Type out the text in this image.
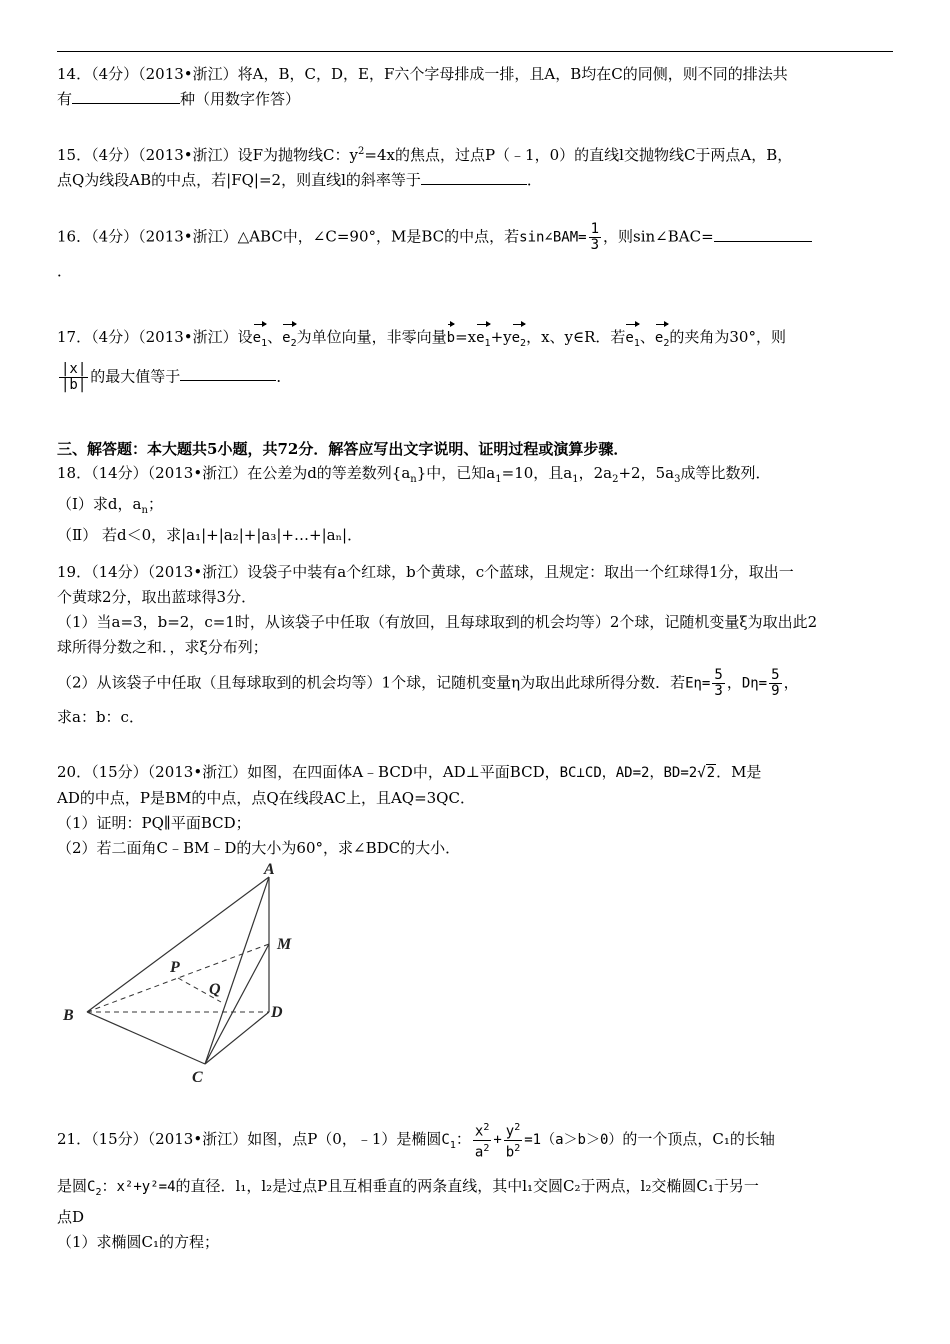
14．（4分）（2013•浙江）将A，B，C，D，E，F六个字母排成一排，且A，B均在C的同侧，则不同的排法共
有	种（用数字作答）
15．（4分）（2013•浙江）设F为抛物线C：$y^2=4x$的焦点，过点P（﹣1，0）的直线l交抛物线C于两点A，B，
点Q为线段AB的中点，若|FQ|=2，则直线l的斜率等于	．
16．（4分）（2013•浙江）△ABC中，∠C=90°，M是BC的中点，若sin∠BAM= $\frac{1}{3}$ ，则sin∠BAC=
．
17．（4分）（2013•浙江）设$e_1$、$e_2$为单位向量，非零向量$b=xe_1+ye_2$，x、y∈R．若$e_1$、$e_2$的夹角为30°，则
$\frac{|x|}{|b|}$ 的最大值等于	．
三、解答题：本大题共5小题，共72分．解答应写出文字说明、证明过程或演算步骤．
18．（14分）（2013•浙江）在公差为d的等差数列$\{a_n\}$中，已知$a_1=10$，且$a_1$，$2a_2+2$，$5a_3$成等比数列．
（Ⅰ）求d，$a_n$；
（Ⅱ） 若d＜0，求|a₁|+|a₂|+|a₃|+…+|aₙ|．
19．（14分）（2013•浙江）设袋子中装有a个红球，b个黄球，c个蓝球，且规定：取出一个红球得1分，取出一
个黄球2分，取出蓝球得3分．
（1）当a=3，b=2，c=1时，从该袋子中任取（有放回，且每球取到的机会均等）2个球，记随机变量ξ为取出此2
球所得分数之和．，求ξ分布列；
（2）从该袋子中任取（且每球取到的机会均等）1个球，记随机变量η为取出此球所得分数．若$E\eta= \frac{5}{3}$ ，$D\eta= \frac{5}{9}$ ，
求a：b：c．
20．（15分）（2013•浙江）如图，在四面体A﹣BCD中，AD⊥平面BCD，BC⊥CD，AD=2，BD=2√2．M是
AD的中点，P是BM的中点，点Q在线段AC上，且AQ=3QC．
（1）证明：PQ∥平面BCD；
（2）若二面角C﹣BM﹣D的大小为60°，求∠BDC的大小．
A
M
P
Q
B	D
C
21．（15分）（2013•浙江）如图，点P（0，﹣1）是椭圆$C_1$： $\frac{x^2}{a^2} + \frac{y^2}{b^2} =1(a>b>0)$的一个顶点，C₁的长轴
是圆$C_2$：x²+y²=4的直径．l₁，l₂是过点P且互相垂直的两条直线，其中l₁交圆C₂于两点，l₂交椭圆C₁于另一
点D
（1）求椭圆C₁的方程；
